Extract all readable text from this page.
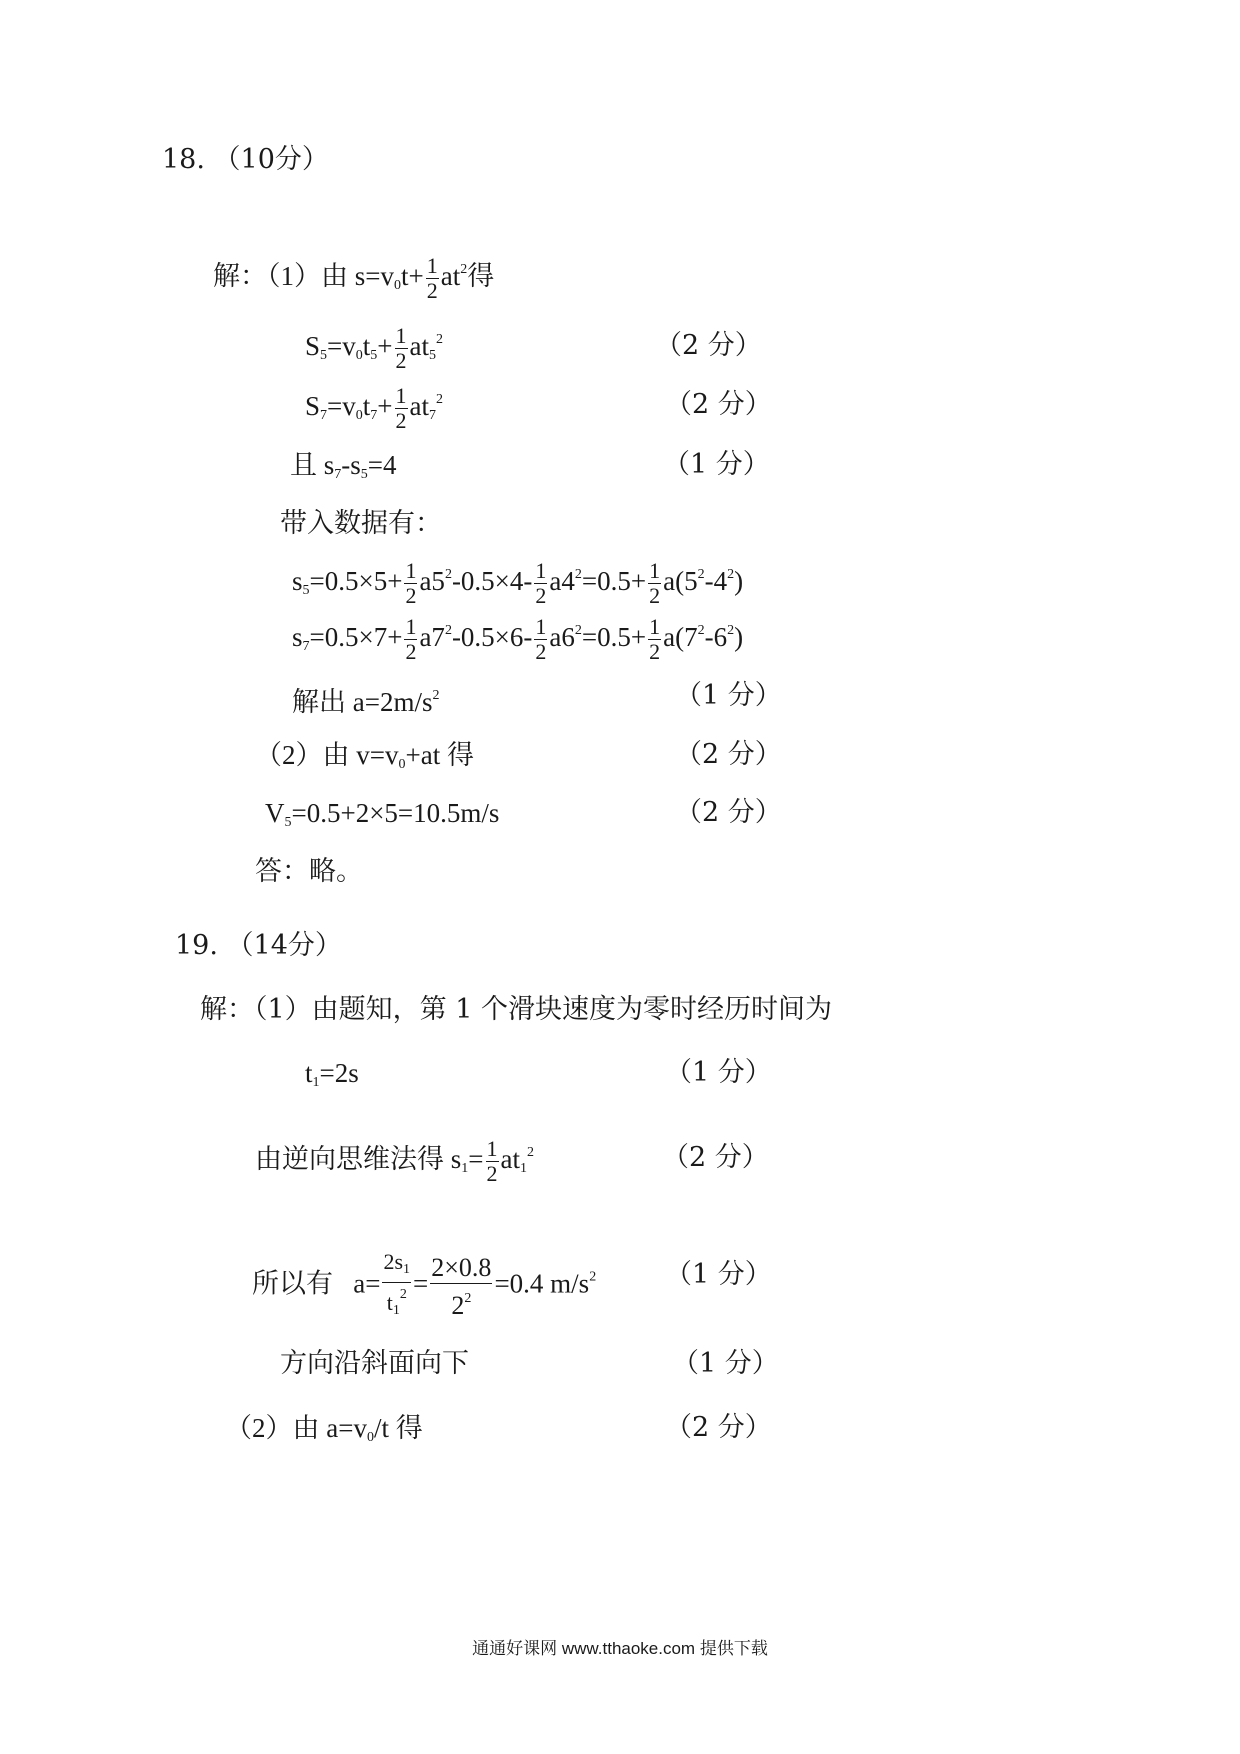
18. （10分）
解：（1）由 $s=v_0t+ \frac{1}{2} at^2$得
$S_5=v_0t_5+ \frac{1}{2} at_5^2$	（2 分）
$S_7=v_0t_7+ \frac{1}{2} at_7^2$	（2 分）
且 $s_7-s_5=4$	（1 分）
带入数据有：
$s_5=0.5\times 5+ \frac{1}{2} a5^2-0.5\times 4- \frac{1}{2} a4^2=0.5+ \frac{1}{2} a(5^2-4^2)$
$s_7=0.5\times 7+ \frac{1}{2} a7^2-0.5\times 6- \frac{1}{2} a6^2=0.5+ \frac{1}{2} a(7^2-6^2)$
解出 $a=2m/s^2$	（1 分）
（2）由 $v=v_0+at$ 得	（2 分）
$V_5=0.5+2\times 5=10.5m/s$	（2 分）
答：略。
19. （14分）
解：（1）由题知，第 1 个滑块速度为零时经历时间为
$t_1=2s$	（1 分）
由逆向思维法得 $s_1= \frac{1}{2} at_1^2$	（2 分）
所以有   $a= \frac{2s_1}{t_1^2} = \frac{2\times 0.8}{2^2} =0.4$ $m/s^2$	（1 分）
方向沿斜面向下	（1 分）
（2）由 $a=v_0/t$ 得	（2 分）
通通好课网 www.tthaoke.com 提供下载
